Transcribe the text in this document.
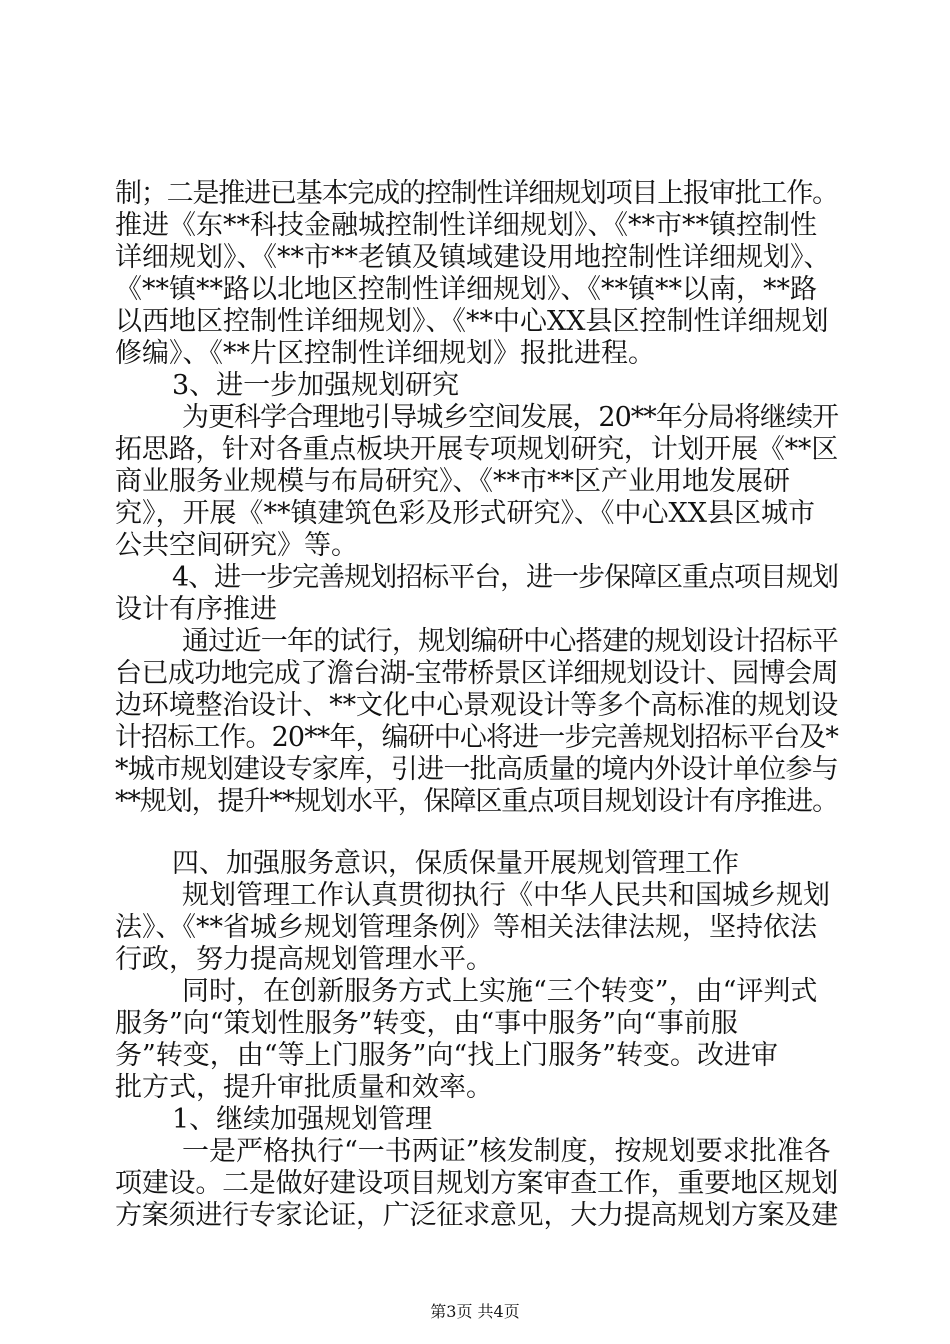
制；二是推进已基本完成的控制性详细规划项目上报审批工作。
推进《东**科技金融城控制性详细规划》、《**市**镇控制性
详细规划》、《**市**老镇及镇域建设用地控制性详细规划》、
《**镇**路以北地区控制性详细规划》、《**镇**以南，**路
以西地区控制性详细规划》、《**中心XX县区控制性详细规划
修编》、《**片区控制性详细规划》报批进程。
3、进一步加强规划研究
为更科学合理地引导城乡空间发展，20**年分局将继续开
拓思路，针对各重点板块开展专项规划研究，计划开展《**区
商业服务业规模与布局研究》、《**市**区产业用地发展研
究》，开展《**镇建筑色彩及形式研究》、《中心XX县区城市
公共空间研究》等。
4、进一步完善规划招标平台，进一步保障区重点项目规划
设计有序推进
通过近一年的试行，规划编研中心搭建的规划设计招标平
台已成功地完成了澹台湖-宝带桥景区详细规划设计、园博会周
边环境整治设计、**文化中心景观设计等多个高标准的规划设
计招标工作。20**年，编研中心将进一步完善规划招标平台及*
*城市规划建设专家库，引进一批高质量的境内外设计单位参与
**规划，提升**规划水平，保障区重点项目规划设计有序推进。
四、加强服务意识，保质保量开展规划管理工作
规划管理工作认真贯彻执行《中华人民共和国城乡规划
法》、《**省城乡规划管理条例》等相关法律法规，坚持依法
行政，努力提高规划管理水平。
同时，在创新服务方式上实施“三个转变”，由“评判式
服务”向“策划性服务”转变，由“事中服务”向“事前服
务”转变，由“等上门服务”向“找上门服务”转变。改进审
批方式，提升审批质量和效率。
1、继续加强规划管理
一是严格执行“一书两证”核发制度，按规划要求批准各
项建设。二是做好建设项目规划方案审查工作，重要地区规划
方案须进行专家论证，广泛征求意见，大力提高规划方案及建
第3页 共4页
